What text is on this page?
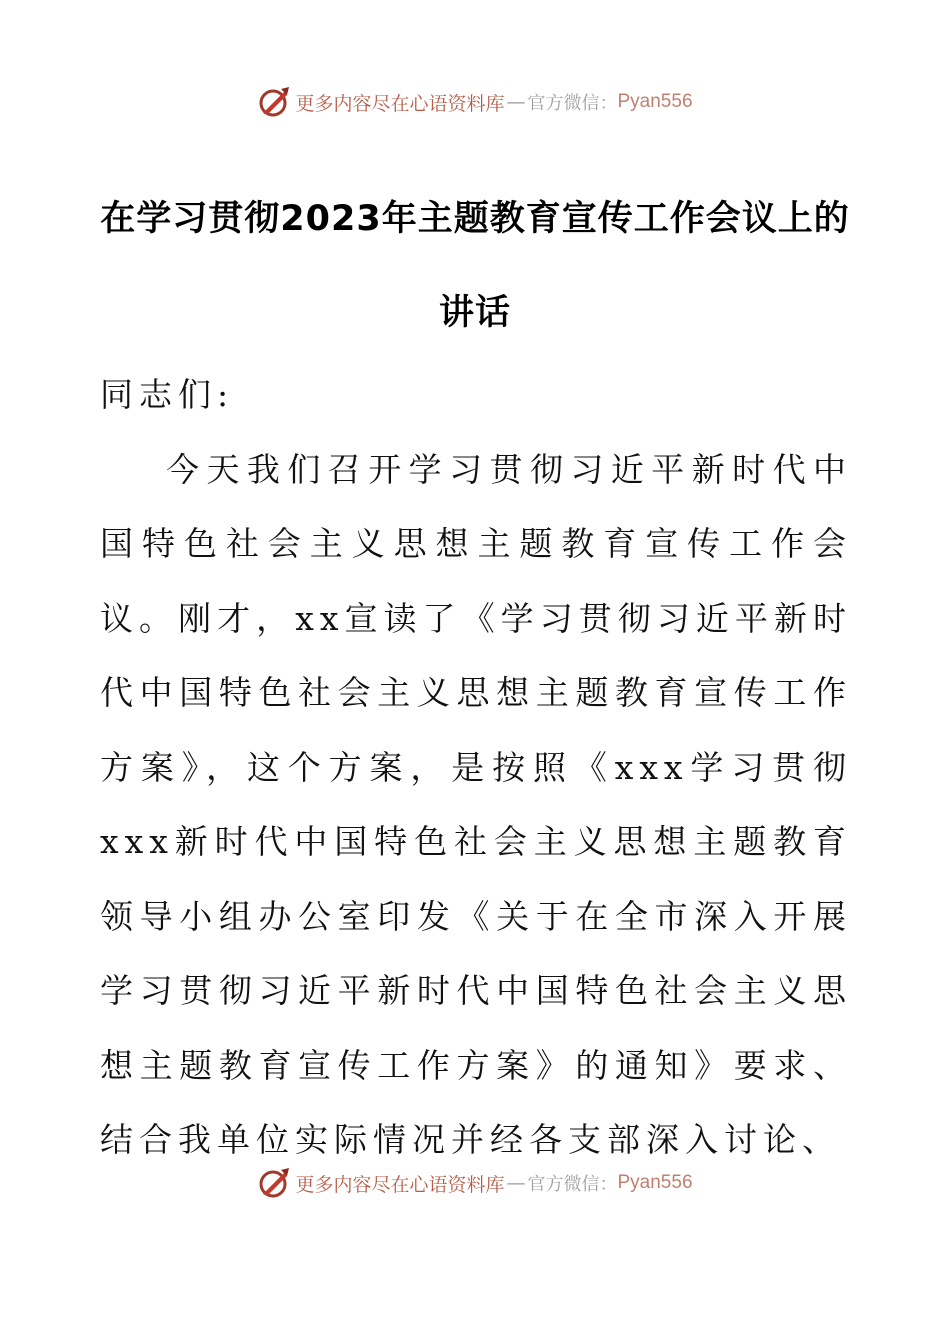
更多内容尽在心语资料库 — 官方微信： Pyan556
在学习贯彻2023年主题教育宣传工作会议上的讲话

同志们:

今天我们召开学习贯彻习近平新时代中国特色社会主义思想主题教育宣传工作会议。刚才，xx宣读了《学习贯彻习近平新时代中国特色社会主义思想主题教育宣传工作方案》，这个方案，是按照《xxx学习贯彻xxx新时代中国特色社会主义思想主题教育领导小组办公室印发《关于在全市深入开展学习贯彻习近平新时代中国特色社会主义思想主题教育宣传工作方案》的通知》要求、结合我单位实际情况并经各支部深入讨论、

更多内容尽在心语资料库 — 官方微信： Pyan556
